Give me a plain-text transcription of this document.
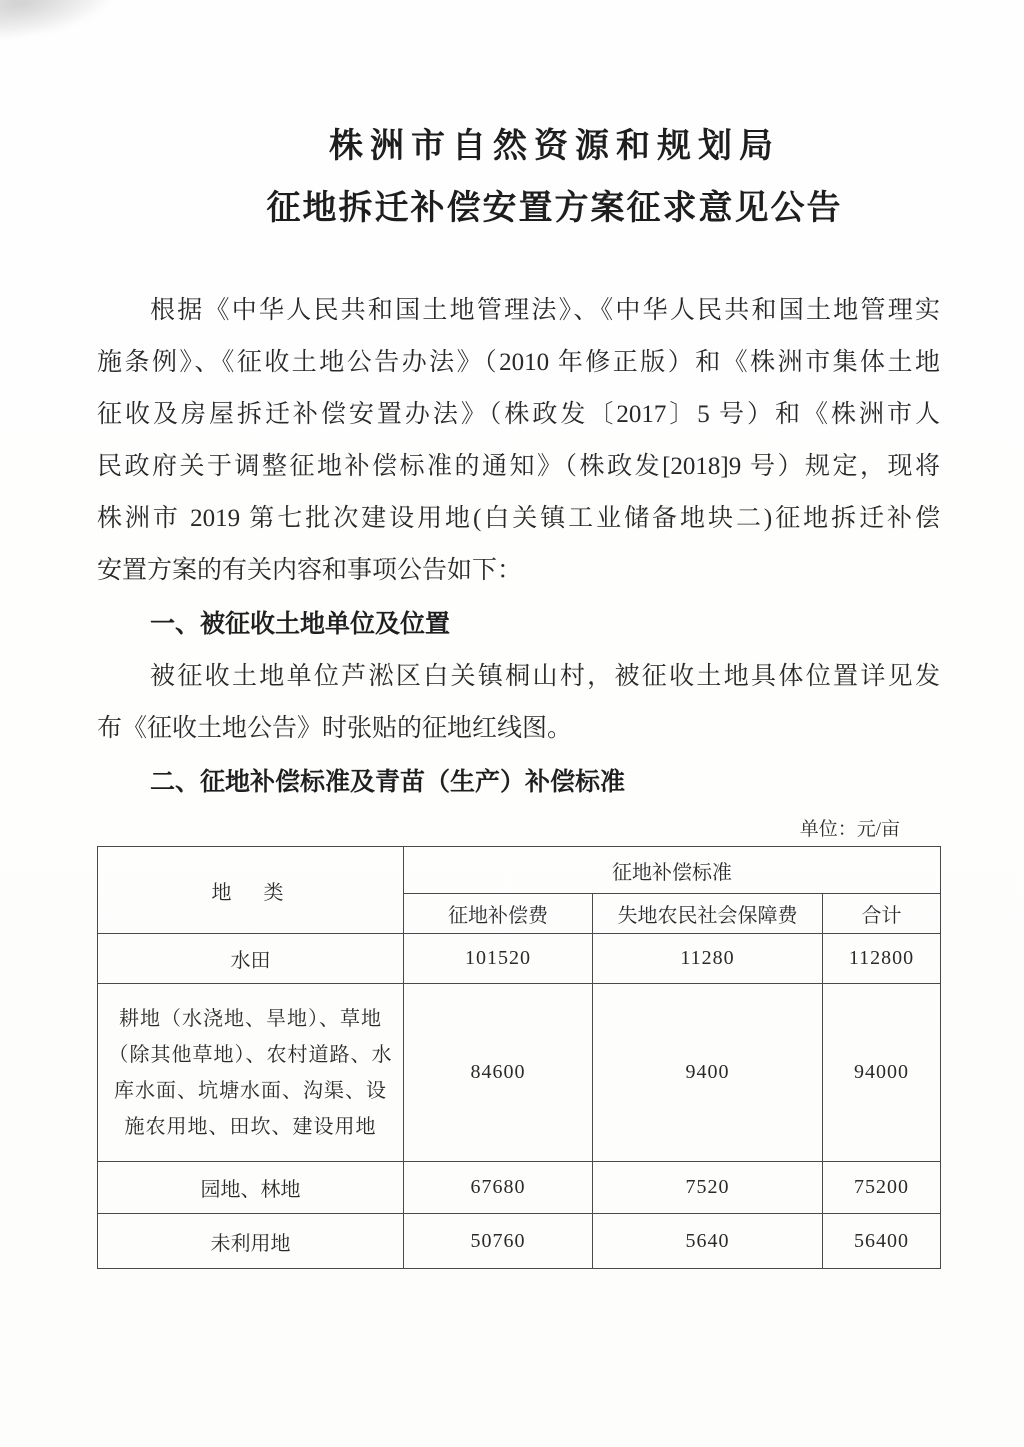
株洲市自然资源和规划局
征地拆迁补偿安置方案征求意见公告
根据《中华人民共和国土地管理法》、《中华人民共和国土地管理实
施条例》、《征收土地公告办法》（2010 年修正版）和《株洲市集体土地
征收及房屋拆迁补偿安置办法》（株政发〔2017〕5 号）和《株洲市人
民政府关于调整征地补偿标准的通知》（株政发[2018]9 号）规定，现将
株洲市 2019 第七批次建设用地(白关镇工业储备地块二)征地拆迁补偿
安置方案的有关内容和事项公告如下：
一、被征收土地单位及位置
被征收土地单位芦淞区白关镇桐山村，被征收土地具体位置详见发
布《征收土地公告》时张贴的征地红线图。
二、征地补偿标准及青苗（生产）补偿标准
单位：元/亩
地　类	征地补偿标准		
	征地补偿费	失地农民社会保障费	合计
水田	101520	11280	112800
耕地（水浇地、旱地）、草地（除其他草地）、农村道路、水库水面、坑塘水面、沟渠、设施农用地、田坎、建设用地	84600	9400	94000
园地、林地	67680	7520	75200
未利用地	50760	5640	56400
